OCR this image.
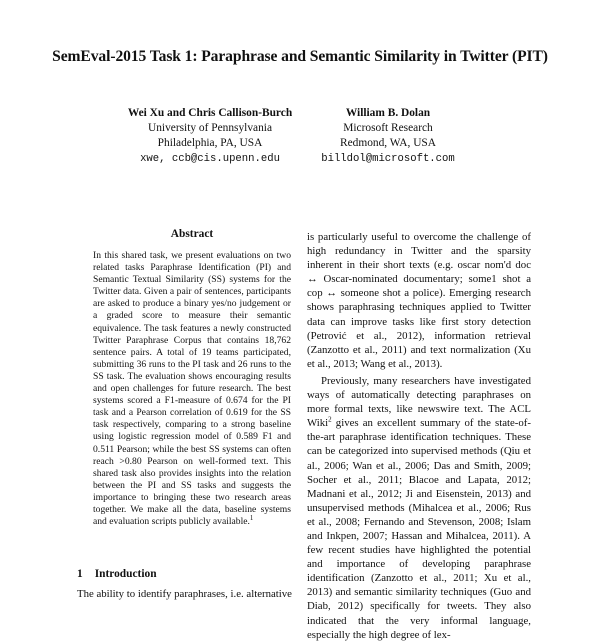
SemEval-2015 Task 1: Paraphrase and Semantic Similarity in Twitter (PIT)
Wei Xu and Chris Callison-Burch
University of Pennsylvania
Philadelphia, PA, USA
xwe, ccb@cis.upenn.edu
William B. Dolan
Microsoft Research
Redmond, WA, USA
billdol@microsoft.com
Abstract

In this shared task, we present evaluations on two related tasks Paraphrase Identification (PI) and Semantic Textual Similarity (SS) systems for the Twitter data. Given a pair of sentences, participants are asked to produce a binary yes/no judgement or a graded score to measure their semantic equivalence. The task features a newly constructed Twitter Paraphrase Corpus that contains 18,762 sentence pairs. A total of 19 teams participated, submitting 36 runs to the PI task and 26 runs to the SS task. The evaluation shows encouraging results and open challenges for future research. The best systems scored a F1-measure of 0.674 for the PI task and a Pearson correlation of 0.619 for the SS task respectively, comparing to a strong baseline using logistic regression model of 0.589 F1 and 0.511 Pearson; while the best SS systems can often reach >0.80 Pearson on well-formed text. This shared task also provides insights into the relation between the PI and SS tasks and suggests the importance to bringing these two research areas together. We make all the data, baseline systems and evaluation scripts publicly available.$^1$

1 Introduction

The ability to identify paraphrases, i.e. alternative

is particularly useful to overcome the challenge of high redundancy in Twitter and the sparsity inherent in their short texts (e.g. oscar nom'd doc ↔ Oscar-nominated documentary; some1 shot a cop ↔ someone shot a police). Emerging research shows paraphrasing techniques applied to Twitter data can improve tasks like first story detection (Petrović et al., 2012), information retrieval (Zanzotto et al., 2011) and text normalization (Xu et al., 2013; Wang et al., 2013).

Previously, many researchers have investigated ways of automatically detecting paraphrases on more formal texts, like newswire text. The ACL Wiki$^2$ gives an excellent summary of the state-of-the-art paraphrase identification techniques. These can be categorized into supervised methods (Qiu et al., 2006; Wan et al., 2006; Das and Smith, 2009; Socher et al., 2011; Blacoe and Lapata, 2012; Madnani et al., 2012; Ji and Eisenstein, 2013) and unsupervised methods (Mihalcea et al., 2006; Rus et al., 2008; Fernando and Stevenson, 2008; Islam and Inkpen, 2007; Hassan and Mihalcea, 2011). A few recent studies have highlighted the potential and importance of developing paraphrase identification (Zanzotto et al., 2011; Xu et al., 2013) and semantic similarity techniques (Guo and Diab, 2012) specifically for tweets. They also indicated that the very informal language, especially the high degree of lex-
